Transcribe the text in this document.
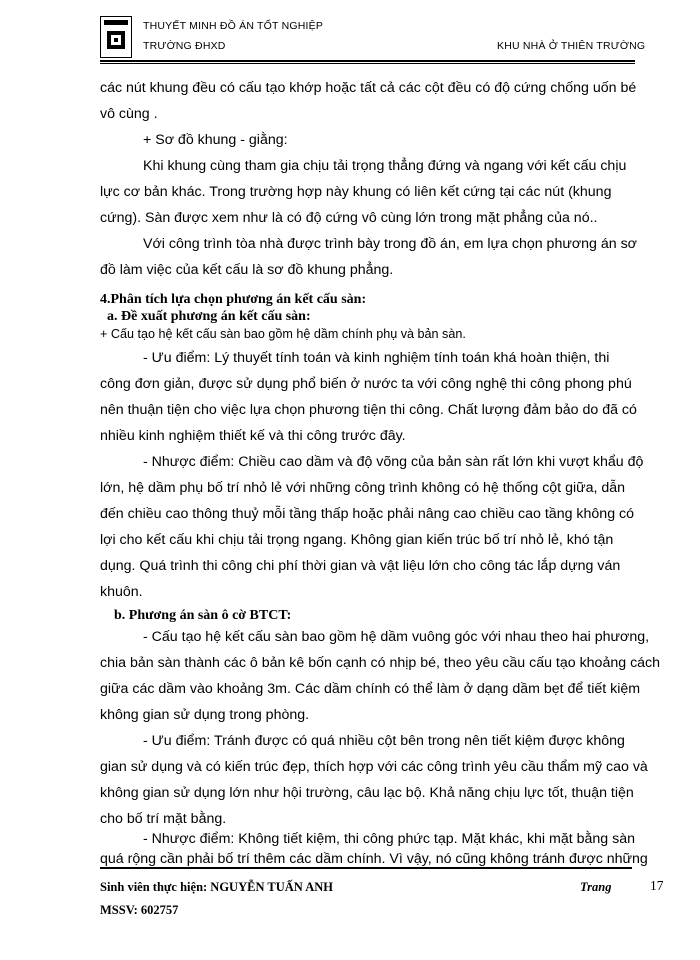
THUYẾT MINH ĐỒ ÁN TỐT NGHIỆP
TRƯỜNG ĐHXD	KHU NHÀ Ở THIÊN TRƯỜNG
các nút khung đều có cấu tạo khớp hoặc tất cả các cột đều có độ cứng chống uốn bé
vô cùng .
+ Sơ đồ khung - giằng:
Khi khung cùng tham gia chịu tải trọng thẳng đứng và ngang với kết cấu chịu
lực cơ bản khác. Trong trường hợp này khung có liên kết cứng tại các nút (khung
cứng). Sàn được xem như là có độ cứng vô cùng lớn trong mặt phẳng của nó..
Với công trình tòa nhà được trình bày trong đồ án, em lựa chọn phương án sơ
đồ làm việc của kết cấu là sơ đồ khung phẳng.
4.Phân tích lựa chọn phương án kết cấu sàn:
a. Đề xuất phương án kết cấu sàn:
+ Cấu tạo hệ kết cấu sàn bao gồm hệ dầm chính phụ và bản sàn.
- Ưu điểm: Lý thuyết tính toán và kinh nghiệm tính toán khá hoàn thiện, thi
công đơn giản, được sử dụng phổ biến ở nước ta với công nghệ thi công phong phú
nên thuận tiện cho việc lựa chọn phương tiện thi công. Chất lượng đảm bảo do đã có
nhiều kinh nghiệm thiết kế và thi công trước đây.
- Nhược điểm: Chiều cao dầm và độ võng của bản sàn rất lớn khi vượt khẩu độ
lớn, hệ dầm phụ bố trí nhỏ lẻ với những công trình không có hệ thống cột giữa, dẫn
đến chiều cao thông thuỷ mỗi tầng thấp hoặc phải nâng cao chiều cao tầng không có
lợi cho kết cấu khi chịu tải trọng ngang. Không gian kiến trúc bố trí nhỏ lẻ, khó tận
dụng. Quá trình thi công chi phí thời gian và vật liệu lớn cho công tác lắp dựng ván
khuôn.
b. Phương án sàn ô cờ BTCT:
- Cấu tạo hệ kết cấu sàn bao gồm hệ dầm vuông góc với nhau theo hai phương,
chia bản sàn thành các ô bản kê bốn cạnh có nhịp bé, theo yêu cầu cấu tạo khoảng cách
giữa các dầm vào khoảng 3m. Các dầm chính có thể làm ở dạng dầm bẹt để tiết kiệm
không gian sử dụng trong phòng.
- Ưu điểm: Tránh được có quá nhiều cột bên trong nên tiết kiệm được không
gian sử dụng và có kiến trúc đẹp, thích hợp với các công trình yêu cầu thẩm mỹ cao và
không gian sử dụng lớn như hội trường, câu lạc bộ. Khả năng chịu lực tốt, thuận tiện
cho bố trí mặt bằng.
- Nhược điểm: Không tiết kiệm, thi công phức tạp. Mặt khác, khi mặt bằng sàn
quá rộng cần phải bố trí thêm các dầm chính. Vì vậy, nó cũng không tránh được những
Sinh viên thực hiện: NGUYỄN TUẤN ANH
MSSV: 602757
Trang	17
